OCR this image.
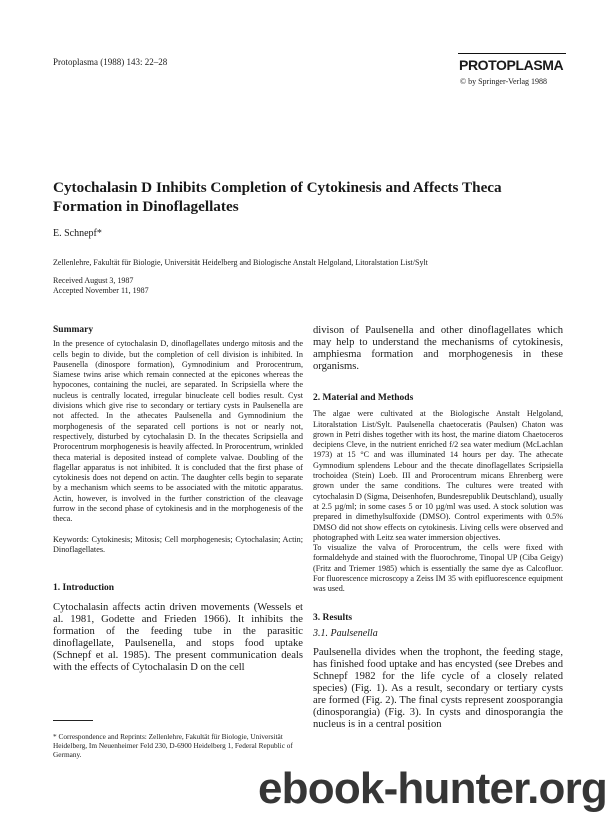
Protoplasma (1988) 143: 22–28	PROTOPLASMA
© by Springer-Verlag 1988
Cytochalasin D Inhibits Completion of Cytokinesis and Affects Theca Formation in Dinoflagellates
E. Schnepf*
Zellenlehre, Fakultät für Biologie, Universität Heidelberg and Biologische Anstalt Helgoland, Litoralstation List/Sylt
Received August 3, 1987
Accepted November 11, 1987
Summary

In the presence of cytochalasin D, dinoflagellates undergo mitosis and the cells begin to divide, but the completion of cell division is inhibited. In Pausenella (dinospore formation), Gymnodinium and Prorocentrum, Siamese twins arise which remain connected at the epicones whereas the hypocones, containing the nuclei, are separated. In Scripsiella where the nucleus is centrally located, irregular binucleate cell bodies result. Cyst divisions which give rise to secondary or tertiary cysts in Paulsenella are not affected. In the athecates Paulsenella and Gymnodinium the morphogenesis of the separated cell portions is not or nearly not, respectively, disturbed by cytochalasin D. In the thecates Scripsiella and Prorocentrum morphogenesis is heavily affected. In Prorocentrum, wrinkled theca material is deposited instead of complete valvae. Doubling of the flagellar apparatus is not inhibited. It is concluded that the first phase of cytokinesis does not depend on actin. The daughter cells begin to separate by a mechanism which seems to be associated with the mitotic apparatus. Actin, however, is involved in the further constriction of the cleavage furrow in the second phase of cytokinesis and in the morphogenesis of the theca.

Keywords: Cytokinesis; Mitosis; Cell morphogenesis; Cytochalasin; Actin; Dinoflagellates.

1. Introduction

Cytochalasin affects actin driven movements (Wessels et al. 1981, Godette and Frieden 1966). It inhibits the formation of the feeding tube in the parasitic dinoflagellate, Paulsenella, and stops food uptake (Schnepf et al. 1985). The present communication deals with the effects of Cytochalasin D on the cell

* Correspondence and Reprints: Zellenlehre, Fakultät für Biologie, Universität Heidelberg, Im Neuenheimer Feld 230, D-6900 Heidelberg 1, Federal Republic of Germany.

divison of Paulsenella and other dinoflagellates which may help to understand the mechanisms of cytokinesis, amphiesma formation and morphogenesis in these organisms.

2. Material and Methods

The algae were cultivated at the Biologische Anstalt Helgoland, Litoralstation List/Sylt. Paulsenella chaetoceratis (Paulsen) Chaton was grown in Petri dishes together with its host, the marine diatom Chaetoceros decipiens Cleve, in the nutrient enriched f/2 sea water medium (McLachlan 1973) at 15 °C and was illuminated 14 hours per day. The athecate Gymnodium splendens Lebour and the thecate dinoflagellates Scripsiella trochoidea (Stein) Loeb. III and Prorocentrum micans Ehrenberg were grown under the same conditions. The cultures were treated with cytochalasin D (Sigma, Deisenhofen, Bundesrepublik Deutschland), usually at 2.5 µg/ml; in some cases 5 or 10 µg/ml was used. A stock solution was prepared in dimethylsulfoxide (DMSO). Control experiments with 0.5% DMSO did not show effects on cytokinesis. Living cells were observed and photographed with Leitz sea water immersion objectives.

To visualize the valva of Prorocentrum, the cells were fixed with formaldehyde and stained with the fluorochrome, Tinopal UP (Ciba Geigy) (Fritz and Triemer 1985) which is essentially the same dye as Calcofluor. For fluorescence microscopy a Zeiss IM 35 with epifluorescence equipment was used.

3. Results
3.1. Paulsenella

Paulsenella divides when the trophont, the feeding stage, has finished food uptake and has encysted (see Drebes and Schnepf 1982 for the life cycle of a closely related species) (Fig. 1). As a result, secondary or tertiary cysts are formed (Fig. 2). The final cysts represent zoosporangia (dinosporangia) (Fig. 3). In cysts and dinosporangia the nucleus is in a central position

ebook-hunter.org
